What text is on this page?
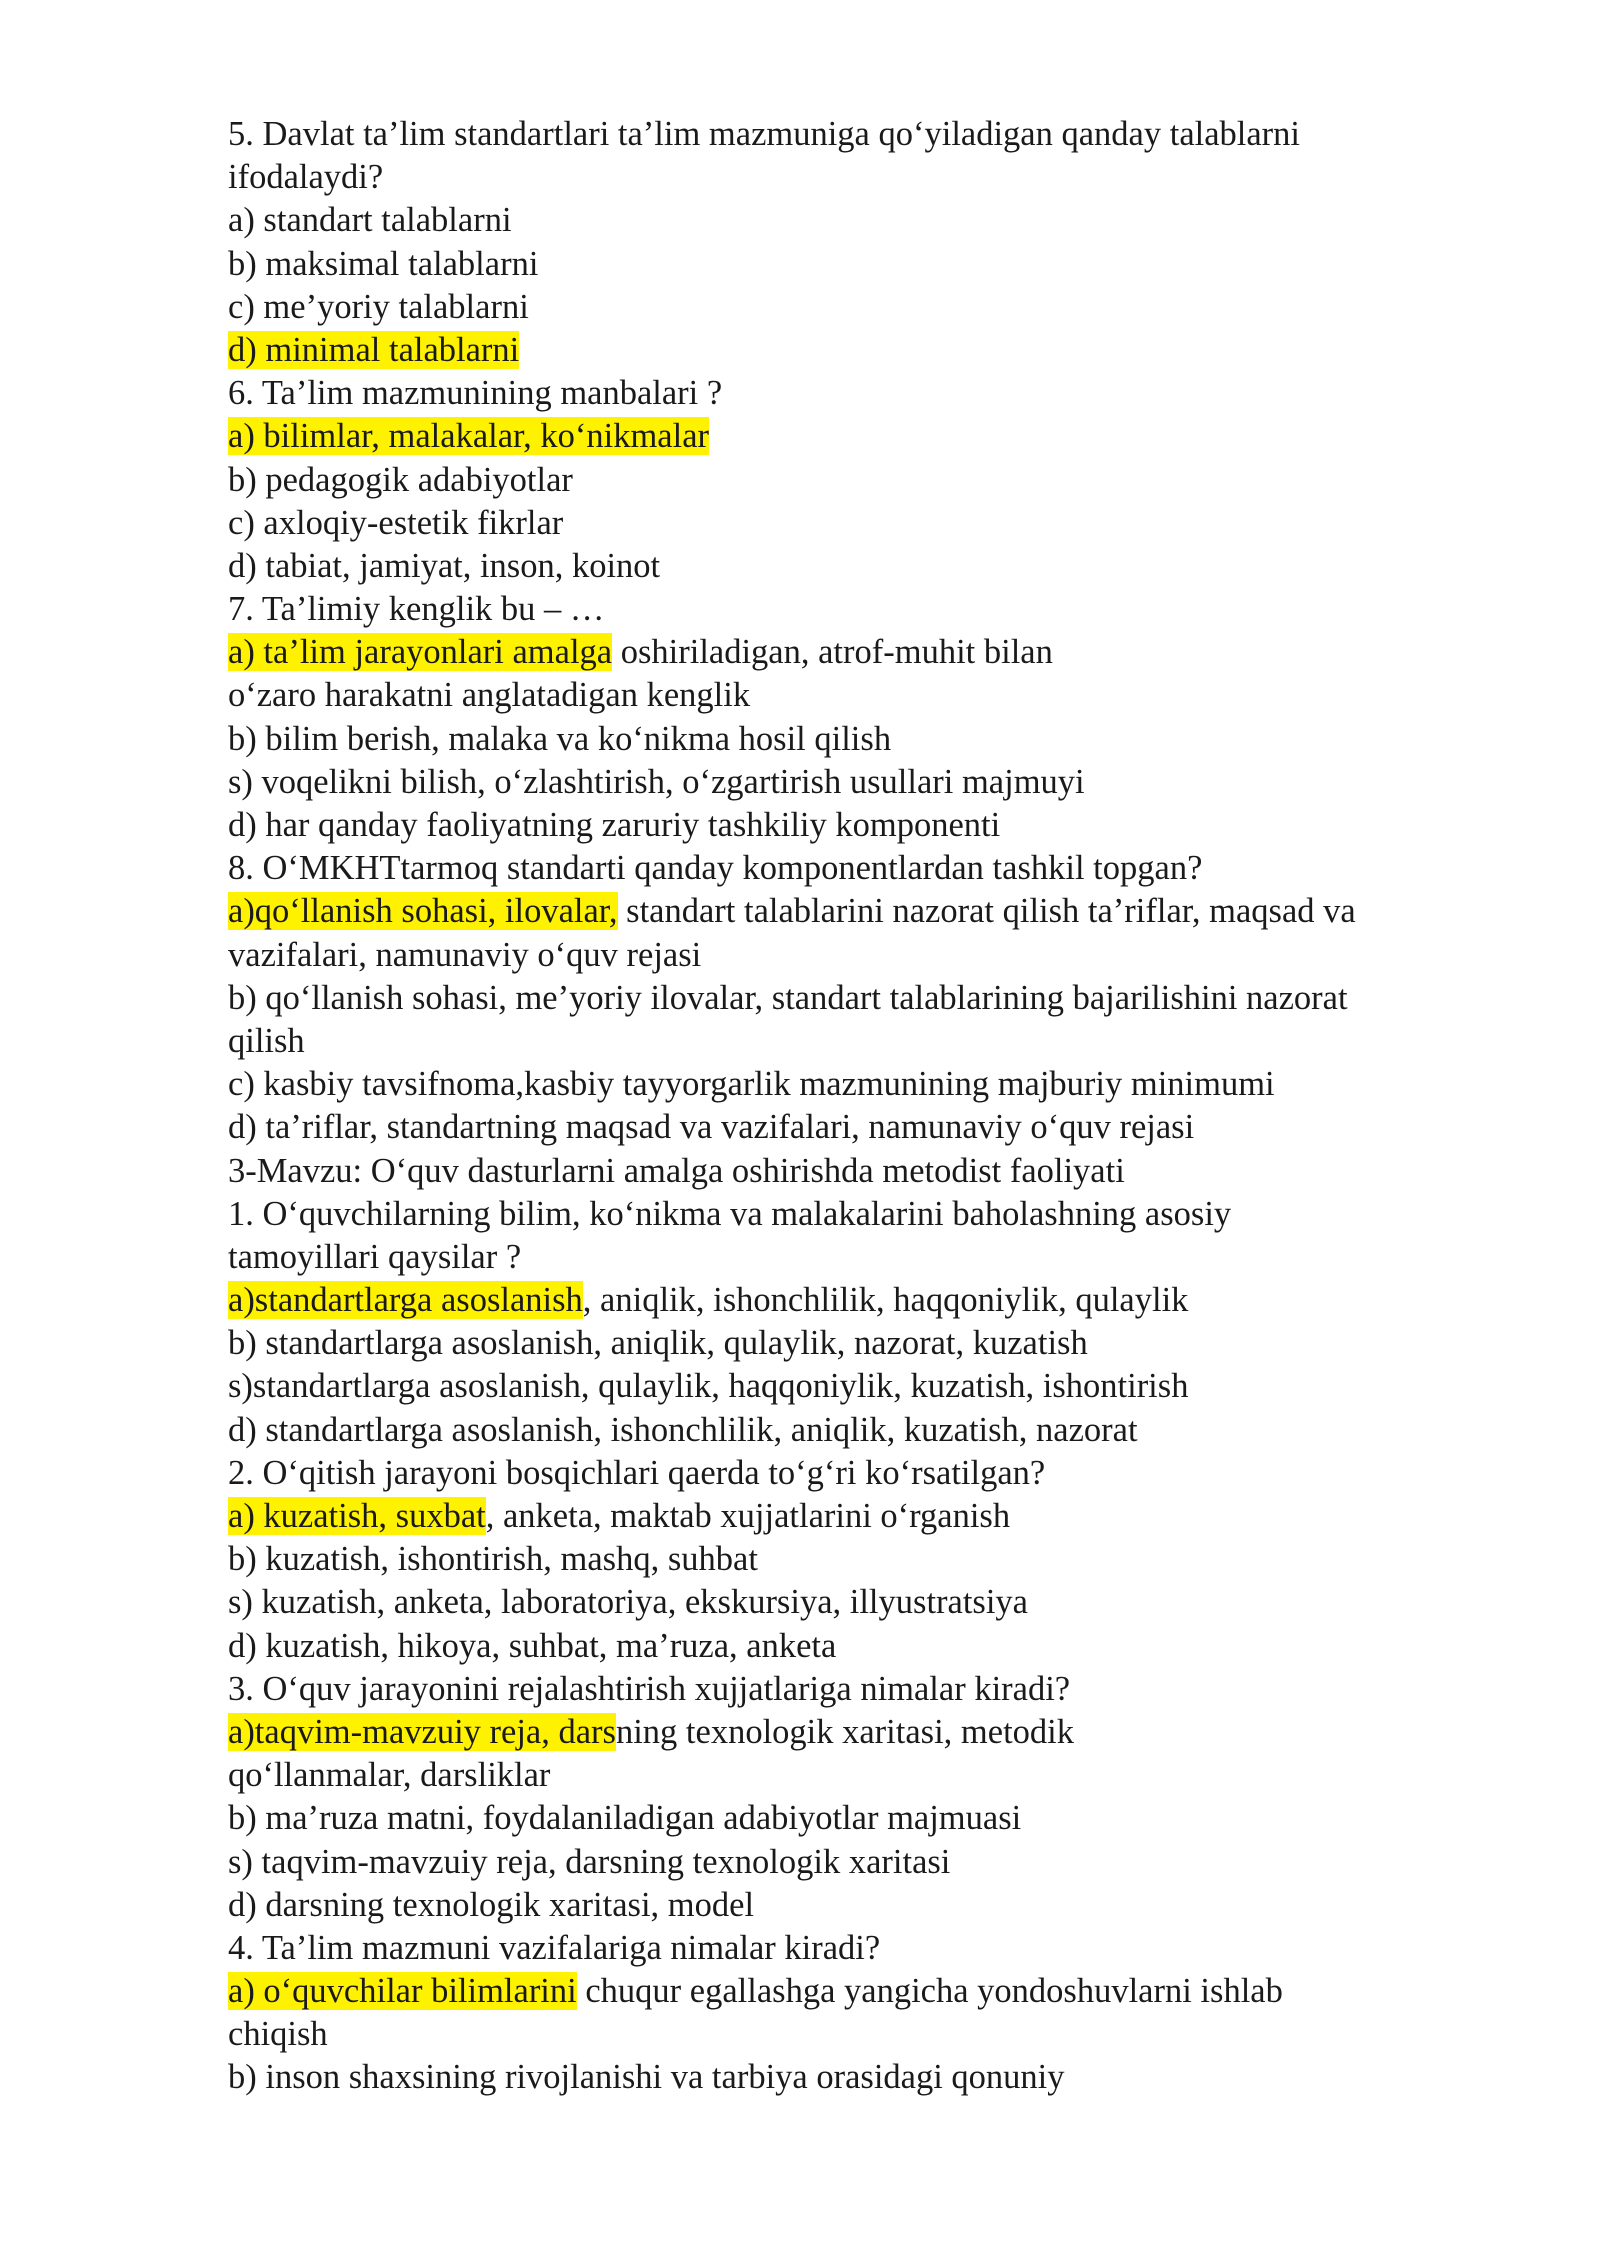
5. Davlat ta’lim standartlari ta’lim mazmuniga qo‘yiladigan qanday talablarni
ifodalaydi?
a) standart talablarni
b) maksimal talablarni
c) me’yoriy talablarni
d) minimal talablarni
6. Ta’lim mazmunining manbalari ?
a) bilimlar, malakalar, ko‘nikmalar
b) pedagogik adabiyotlar
c) axloqiy-estetik fikrlar
d) tabiat, jamiyat, inson, koinot
7. Ta’limiy kenglik bu – …
a) ta’lim jarayonlari amalga oshiriladigan, atrof-muhit bilan
o‘zaro harakatni anglatadigan kenglik
b) bilim berish, malaka va ko‘nikma hosil qilish
s) voqelikni bilish, o‘zlashtirish, o‘zgartirish usullari majmuyi
d) har qanday faoliyatning zaruriy tashkiliy komponenti
8. O‘MKHTtarmoq standarti qanday komponentlardan tashkil topgan?
a)qo‘llanish sohasi, ilovalar, standart talablarini nazorat qilish ta’riflar, maqsad va
vazifalari, namunaviy o‘quv rejasi
b) qo‘llanish sohasi, me’yoriy ilovalar, standart talablarining bajarilishini nazorat
qilish
c) kasbiy tavsifnoma,kasbiy tayyorgarlik mazmunining majburiy minimumi
d) ta’riflar, standartning maqsad va vazifalari, namunaviy o‘quv rejasi
3-Mavzu: O‘quv dasturlarni amalga oshirishda metodist faoliyati
1. O‘quvchilarning bilim, ko‘nikma va malakalarini baholashning asosiy
tamoyillari qaysilar ?
a)standartlarga asoslanish, aniqlik, ishonchlilik, haqqoniylik, qulaylik
b) standartlarga asoslanish, aniqlik, qulaylik, nazorat, kuzatish
s)standartlarga asoslanish, qulaylik, haqqoniylik, kuzatish, ishontirish
d) standartlarga asoslanish, ishonchlilik, aniqlik, kuzatish, nazorat
2. O‘qitish jarayoni bosqichlari qaerda to‘g‘ri ko‘rsatilgan?
a) kuzatish, suxbat, anketa, maktab xujjatlarini o‘rganish
b) kuzatish, ishontirish, mashq, suhbat
s) kuzatish, anketa, laboratoriya, ekskursiya, illyustratsiya
d) kuzatish, hikoya, suhbat, ma’ruza, anketa
3. O‘quv jarayonini rejalashtirish xujjatlariga nimalar kiradi?
a)taqvim-mavzuiy reja, darsning texnologik xaritasi, metodik
qo‘llanmalar, darsliklar
b) ma’ruza matni, foydalaniladigan adabiyotlar majmuasi
s) taqvim-mavzuiy reja, darsning texnologik xaritasi
d) darsning texnologik xaritasi, model
4. Ta’lim mazmuni vazifalariga nimalar kiradi?
a) o‘quvchilar bilimlarini chuqur egallashga yangicha yondoshuvlarni ishlab
chiqish
b) inson shaxsining rivojlanishi va tarbiya orasidagi qonuniy
